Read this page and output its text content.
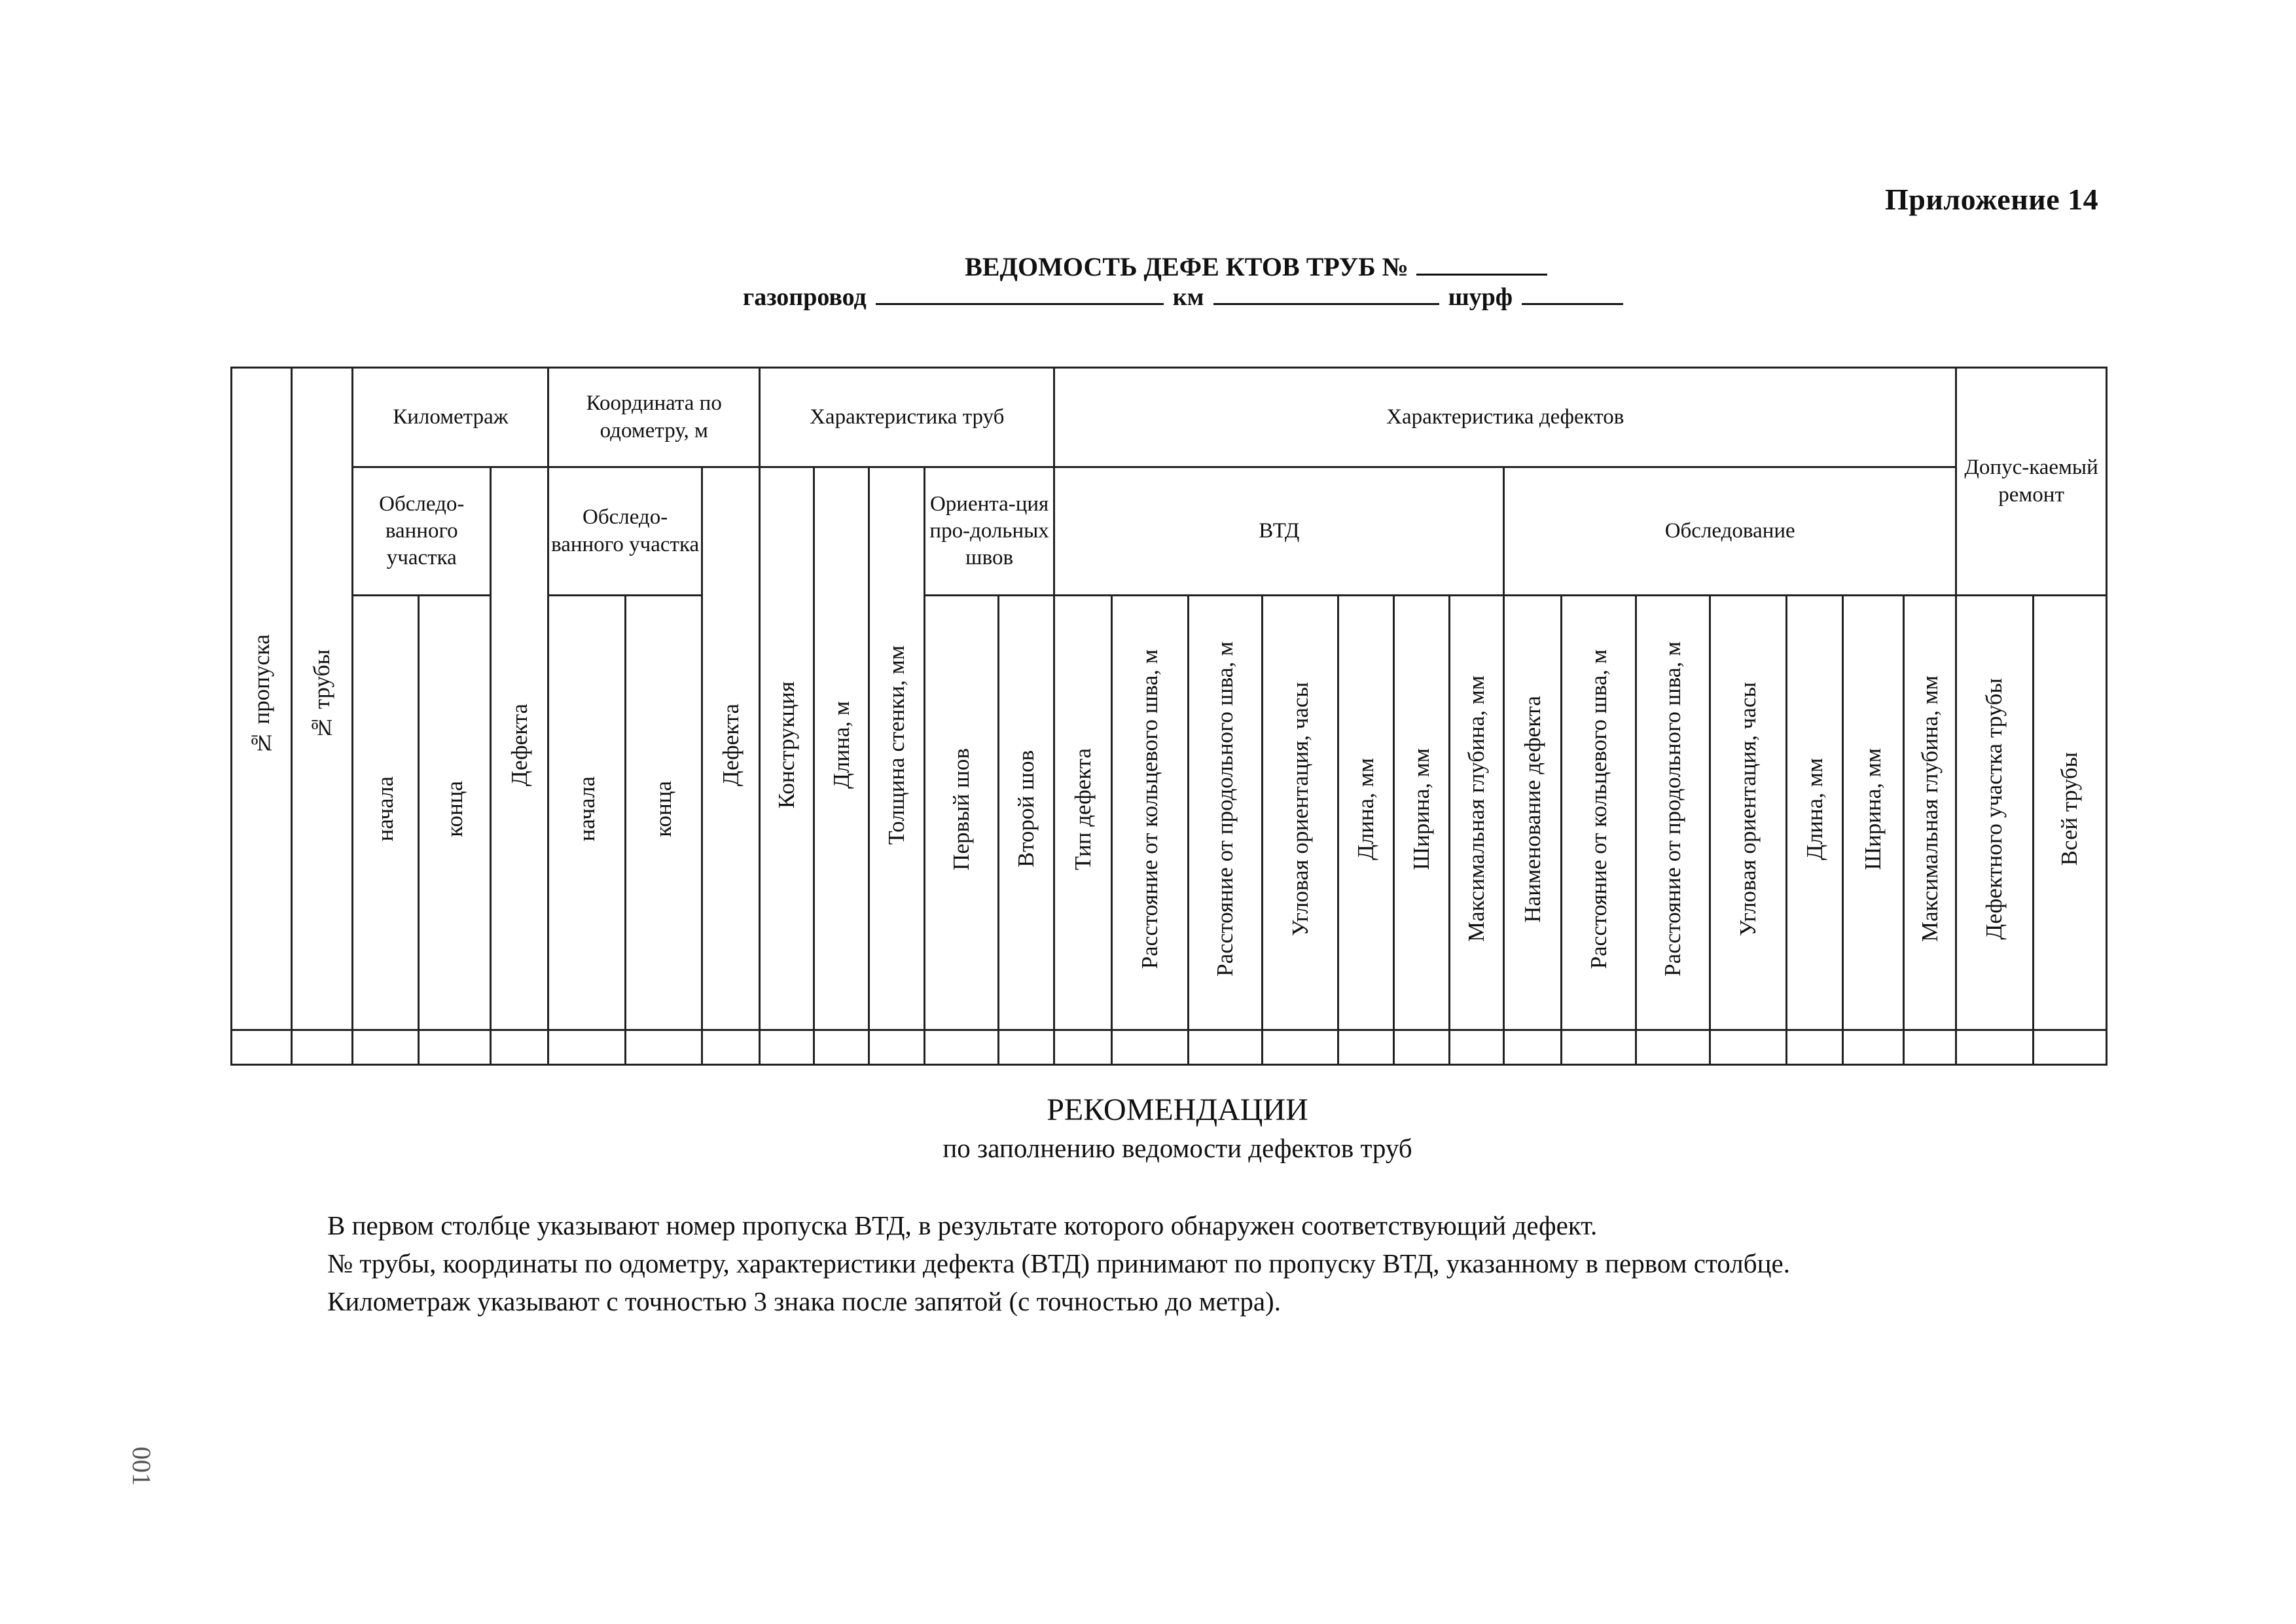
Приложение 14
ВЕДОМОСТЬ ДЕФЕ КТОВ ТРУБ №
газопровод	км	шурф
№ пропуска	№ трубы	Километраж			Координата по одометру, м			Характеристика труб					Характеристика дефектов														Допус-каемый ремонт	
		Обследо-ванного участка		Дефекта	Обследо-ванного участка		Дефекта	Конструкция	Длина, м	Толщина стенки, мм	Ориента-ция про-дольных швов		ВТД							Обследование								
		начала	конца		начала	конца					Первый шов	Второй шов	Тип дефекта	Расстояние от кольцевого шва, м	Расстояние от продольного шва, м	Угловая ориентация, часы	Длина, мм	Ширина, мм	Максимальная глубина, мм	Наименование дефекта	Расстояние от кольцевого шва, м	Расстояние от продольного шва, м	Угловая ориентация, часы	Длина, мм	Ширина, мм	Максимальная глубина, мм	Дефектного участка трубы	Всей трубы

РЕКОМЕНДАЦИИ
по заполнению ведомости дефектов труб
В первом столбце указывают номер пропуска ВТД, в результате которого обнаружен соответствующий дефект.
№ трубы, координаты по одометру, характеристики дефекта (ВТД) принимают по пропуску ВТД, указанному в первом столбце.
Километраж указывают с точностью 3 знака после запятой (с точностью до метра).
001
